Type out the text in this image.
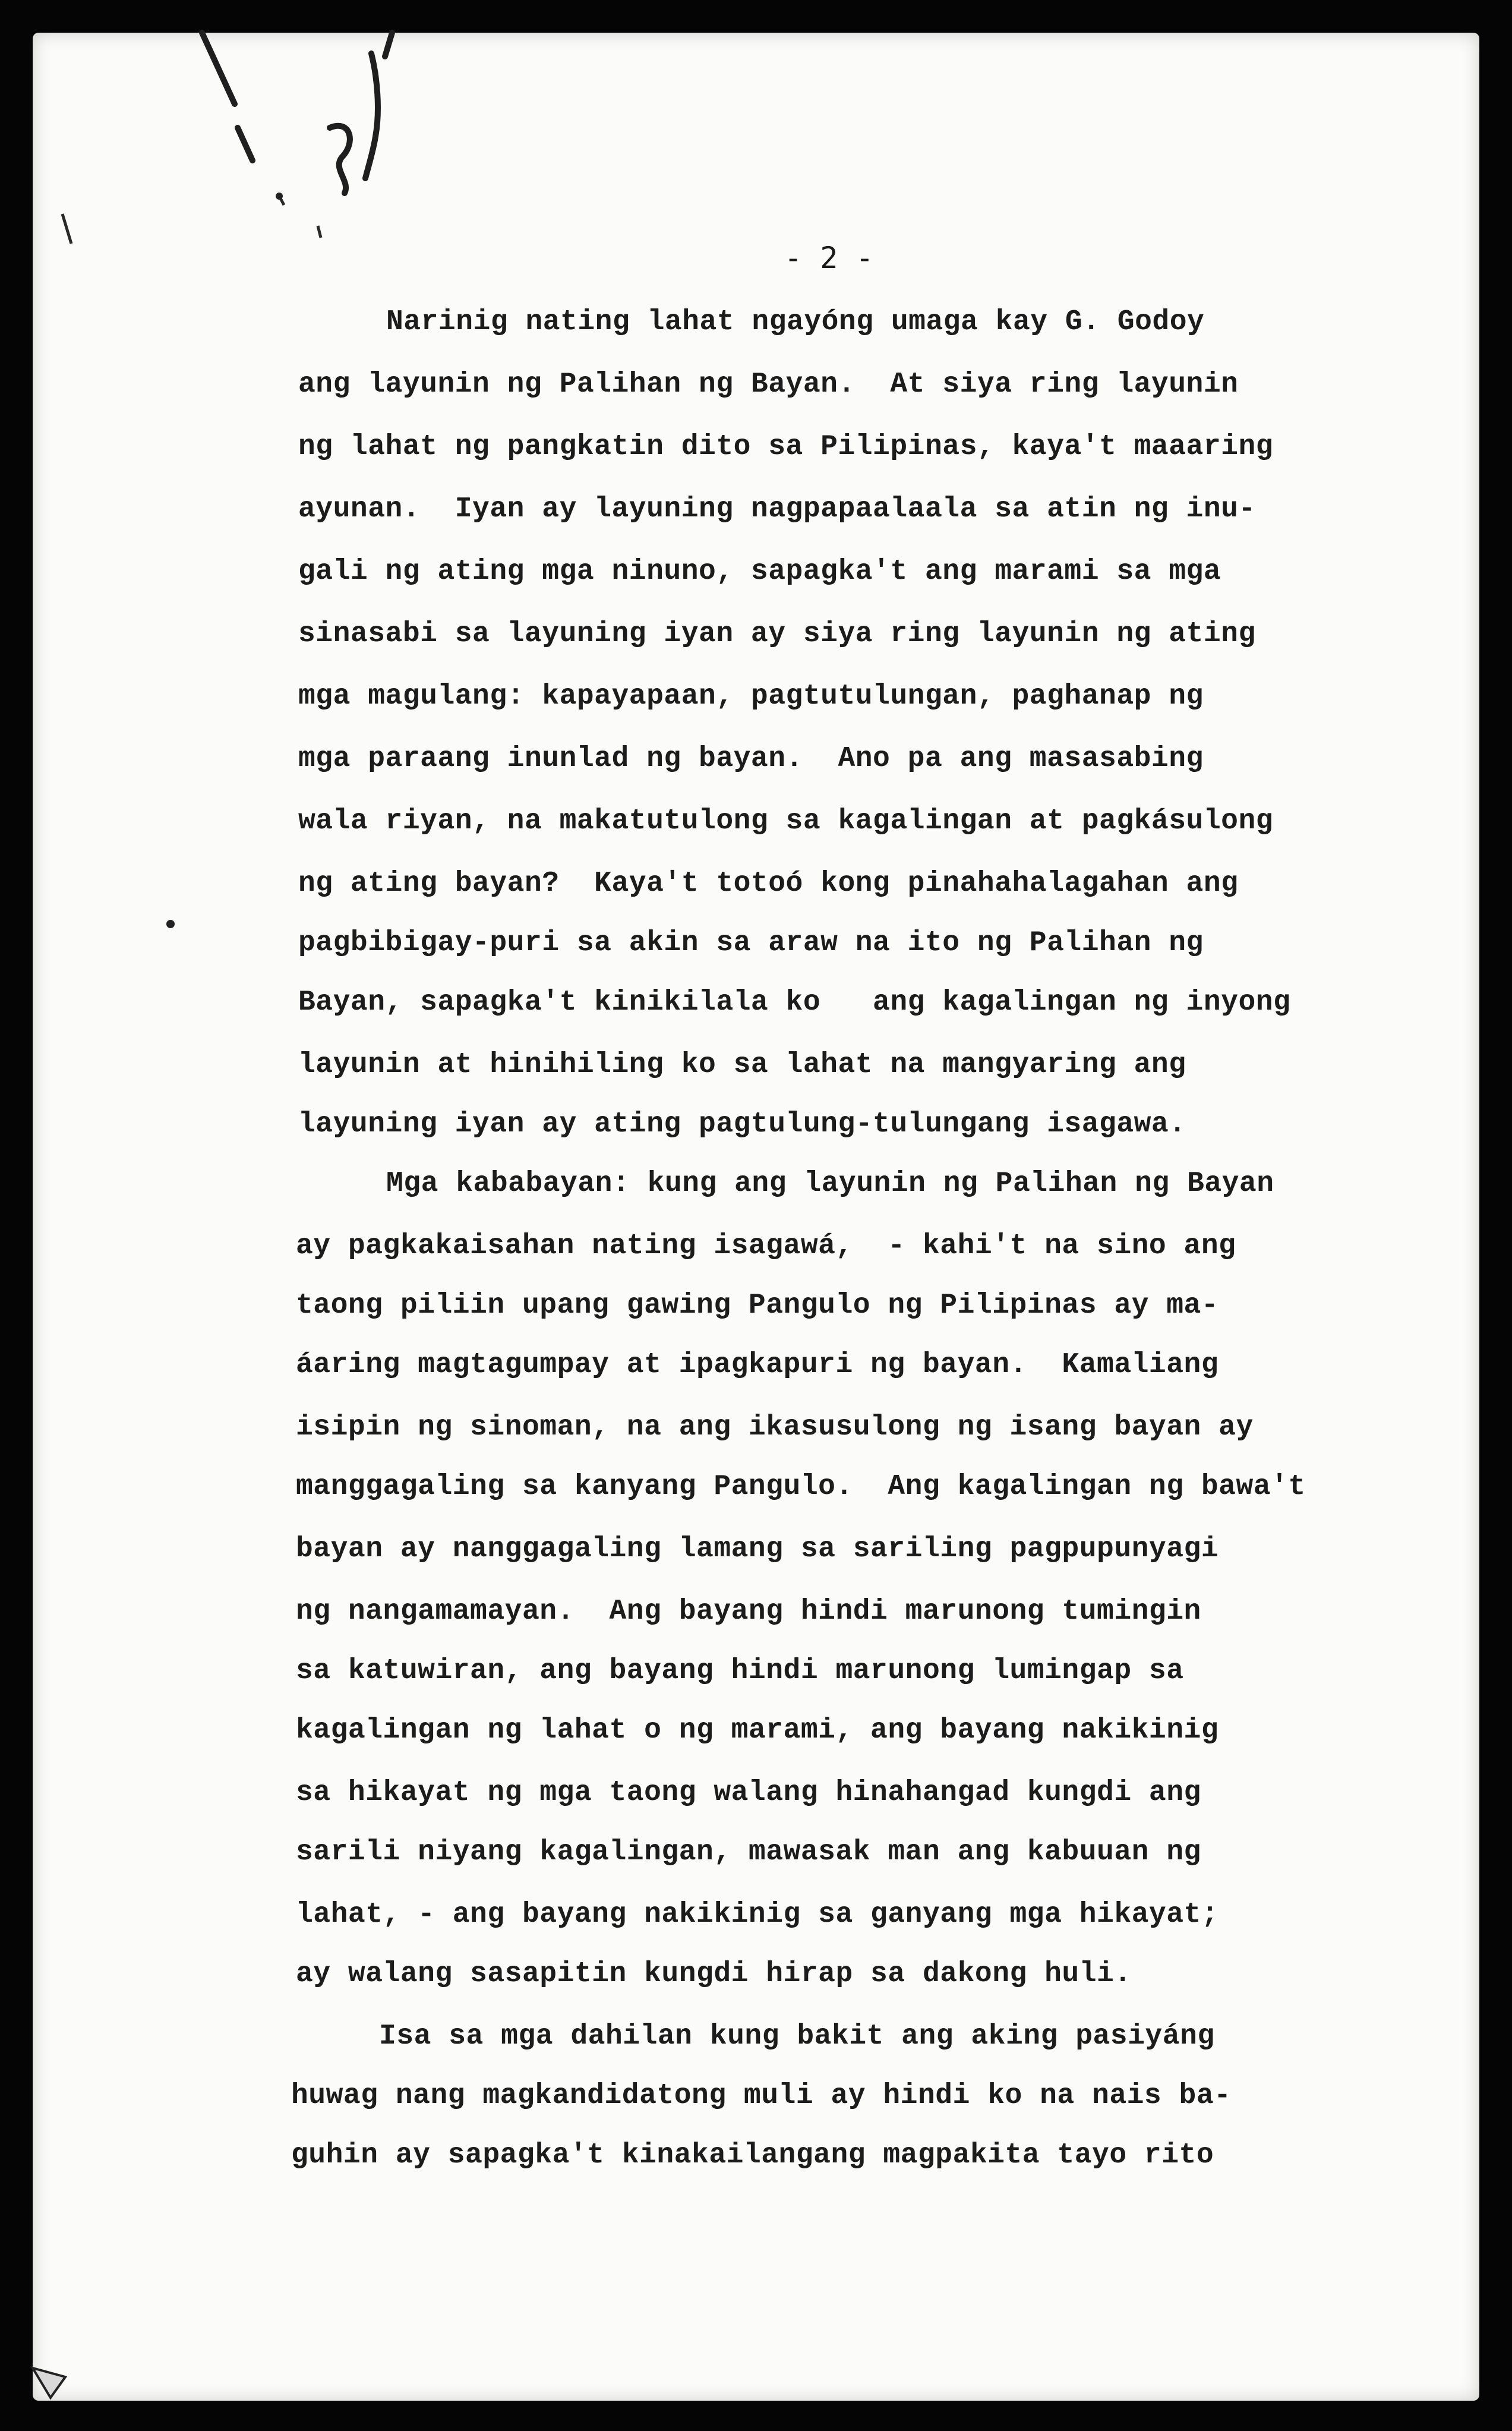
- 2 -
Narinig nating lahat ngayóng umaga kay G. Godoy
ang layunin ng Palihan ng Bayan.  At siya ring layunin
ng lahat ng pangkatin dito sa Pilipinas, kaya't maaaring
ayunan.  Iyan ay layuning nagpapaalaala sa atin ng inu-
gali ng ating mga ninuno, sapagka't ang marami sa mga
sinasabi sa layuning iyan ay siya ring layunin ng ating
mga magulang: kapayapaan, pagtutulungan, paghanap ng
mga paraang inunlad ng bayan.  Ano pa ang masasabing
wala riyan, na makatutulong sa kagalingan at pagkásulong
ng ating bayan?  Kaya't totoó kong pinahahalagahan ang
pagbibigay-puri sa akin sa araw na ito ng Palihan ng
Bayan, sapagka't kinikilala ko   ang kagalingan ng inyong
layunin at hinihiling ko sa lahat na mangyaring ang
layuning iyan ay ating pagtulung-tulungang isagawa.
Mga kababayan: kung ang layunin ng Palihan ng Bayan
ay pagkakaisahan nating isagawá,  - kahi't na sino ang
taong piliin upang gawing Pangulo ng Pilipinas ay ma-
áaring magtagumpay at ipagkapuri ng bayan.  Kamaliang
isipin ng sinoman, na ang ikasusulong ng isang bayan ay
manggagaling sa kanyang Pangulo.  Ang kagalingan ng bawa't
bayan ay nanggagaling lamang sa sariling pagpupunyagi
ng nangamamayan.  Ang bayang hindi marunong tumingin
sa katuwiran, ang bayang hindi marunong lumingap sa
kagalingan ng lahat o ng marami, ang bayang nakikinig
sa hikayat ng mga taong walang hinahangad kungdi ang
sarili niyang kagalingan, mawasak man ang kabuuan ng
lahat, - ang bayang nakikinig sa ganyang mga hikayat;
ay walang sasapitin kungdi hirap sa dakong huli.
Isa sa mga dahilan kung bakit ang aking pasiyáng
huwag nang magkandidatong muli ay hindi ko na nais ba-
guhin ay sapagka't kinakailangang magpakita tayo rito
